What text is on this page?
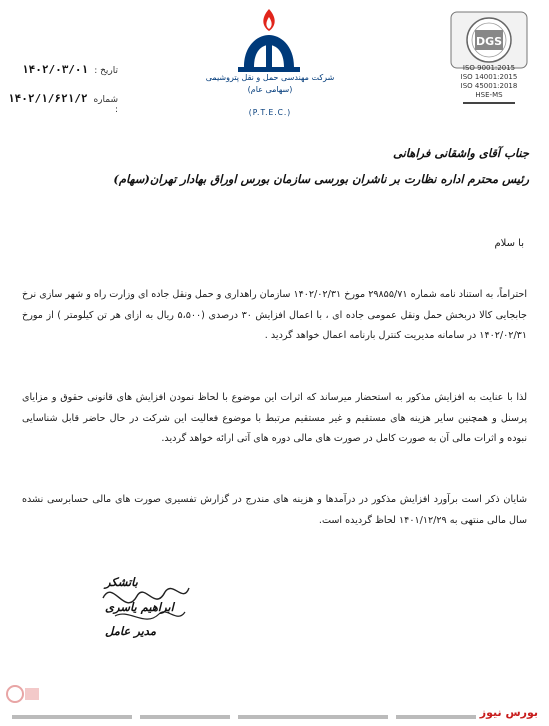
DGS
ISO 9001:2015
ISO 14001:2015
ISO 45001:2018
HSE-MS
شرکت مهندسی حمل و نقل پتروشیمی
(سهامی عام)
(P.T.E.C.)
تاریخ :
۱۴۰۲/۰۳/۰۱
شماره :
۱۴۰۲/۱/۶۲۱/۲
جناب آقای واشقانی فراهانی
رئیس محترم اداره نظارت بر ناشران بورسی سازمان بورس اوراق بهادار تهران(سهام)
با سلام
احتراماً، به استناد نامه شماره ۲۹۸۵۵/۷۱ مورخ ۱۴۰۲/۰۲/۳۱ سازمان راهداری و حمل ونقل جاده ای وزارت راه و شهر سازی نرخ جابجایی کالا دربخش حمل ونقل عمومی جاده ای ، با اعمال افزایش ۳۰ درصدی (۵،۵۰۰ ریال به ازای هر تن کیلومتر ) از مورخ ۱۴۰۲/۰۲/۳۱ در سامانه مدیریت کنترل بارنامه اعمال خواهد گردید .
لذا با عنایت به افزایش مذکور به استحضار میرساند که اثرات این موضوع با لحاظ نمودن افزایش های قانونی حقوق و مزایای پرسنل و همچنین سایر هزینه های مستقیم و غیر مستقیم مرتبط با موضوع فعالیت این شرکت در حال حاضر قابل شناسایی نبوده و اثرات مالی آن به صورت کامل در صورت های مالی دوره های آتی ارائه خواهد گردید.
شایان ذکر است برآورد افزایش مذکور در درآمدها و هزینه های مندرج در گزارش تفسیری صورت های مالی حسابرسی نشده سال مالی منتهی به ۱۴۰۱/۱۲/۲۹ لحاظ گردیده است.
باتشکر
ابراهیم یاسری
مدیر عامل
بورس نیوز
